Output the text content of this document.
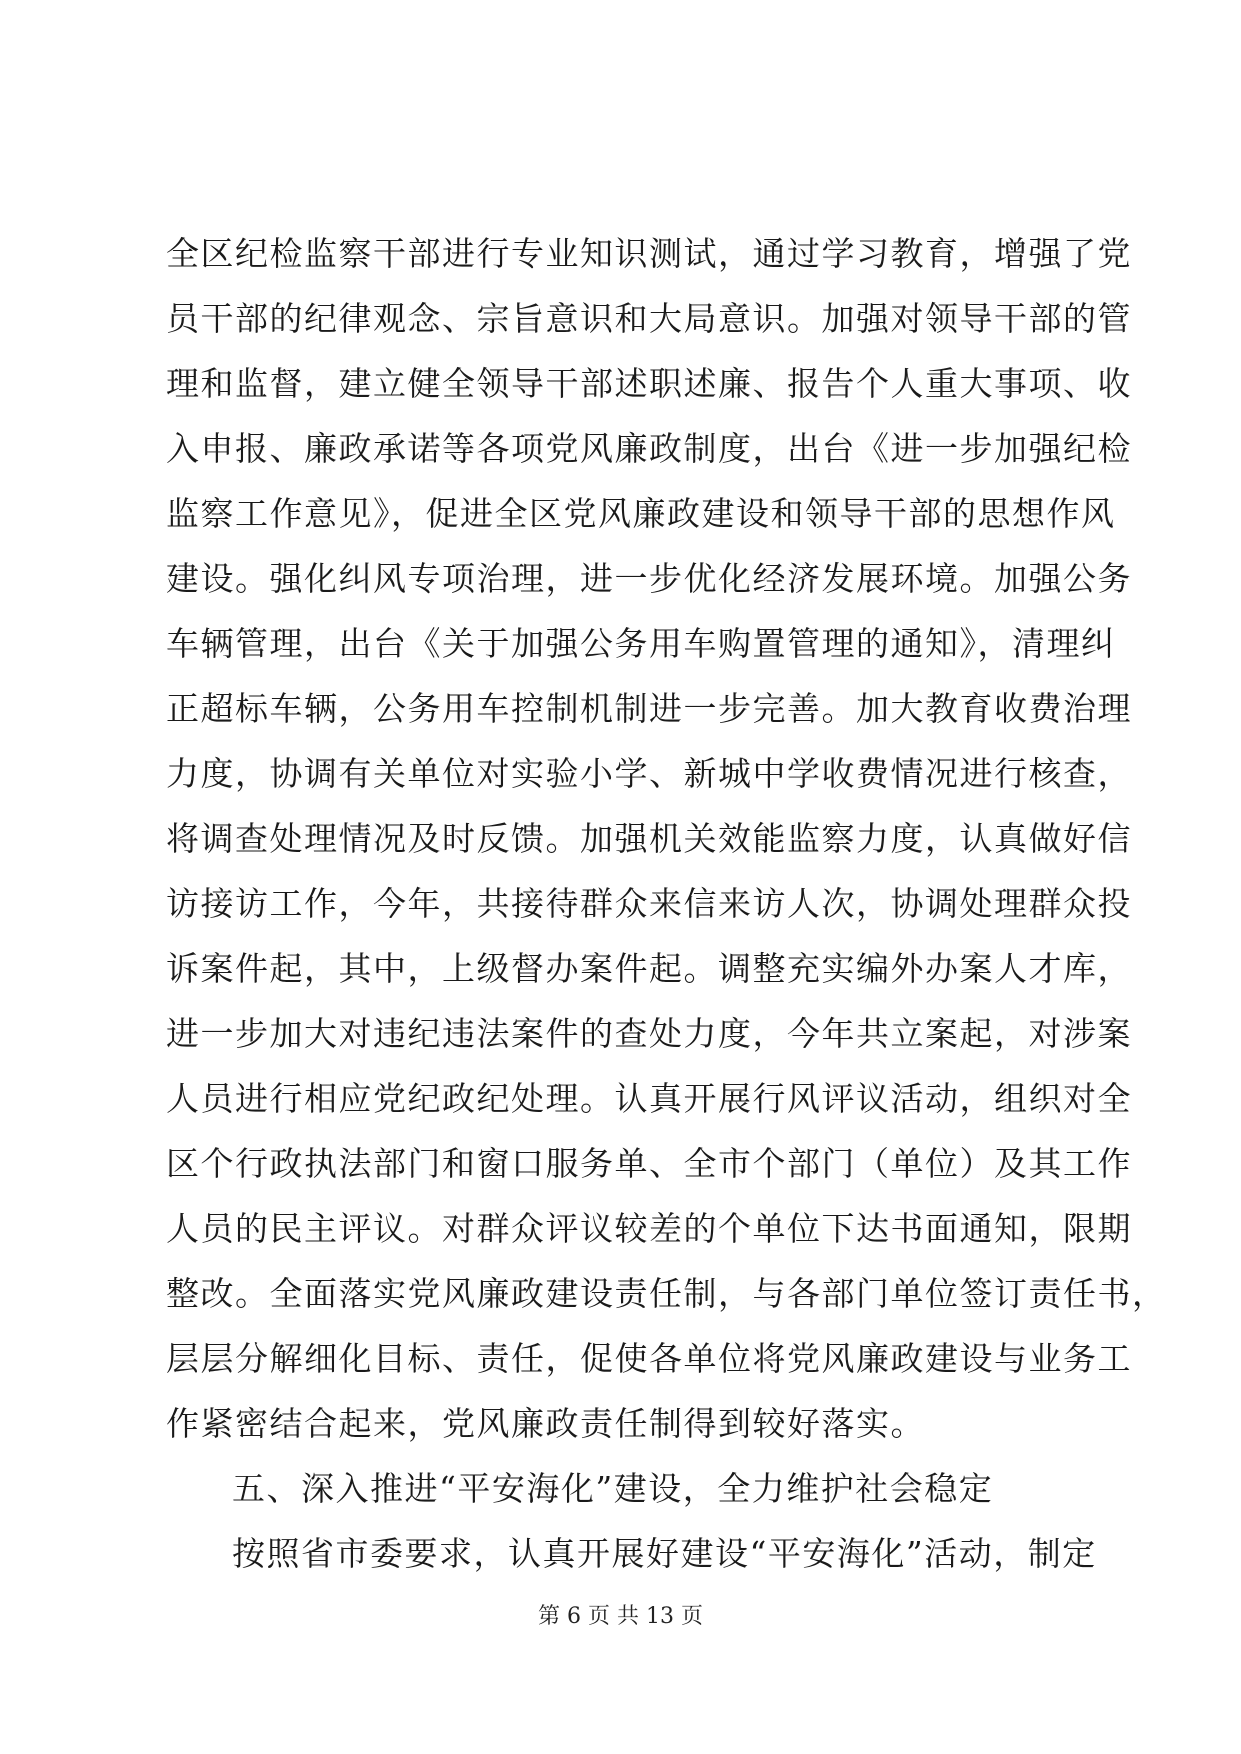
全区纪检监察干部进行专业知识测试，通过学习教育，增强了党
员干部的纪律观念、宗旨意识和大局意识。加强对领导干部的管
理和监督，建立健全领导干部述职述廉、报告个人重大事项、收
入申报、廉政承诺等各项党风廉政制度，出台《进一步加强纪检
监察工作意见》，促进全区党风廉政建设和领导干部的思想作风
建设。强化纠风专项治理，进一步优化经济发展环境。加强公务
车辆管理，出台《关于加强公务用车购置管理的通知》，清理纠
正超标车辆，公务用车控制机制进一步完善。加大教育收费治理
力度，协调有关单位对实验小学、新城中学收费情况进行核查，
将调查处理情况及时反馈。加强机关效能监察力度，认真做好信
访接访工作，今年，共接待群众来信来访人次，协调处理群众投
诉案件起，其中，上级督办案件起。调整充实编外办案人才库，
进一步加大对违纪违法案件的查处力度，今年共立案起，对涉案
人员进行相应党纪政纪处理。认真开展行风评议活动，组织对全
区个行政执法部门和窗口服务单、全市个部门（单位）及其工作
人员的民主评议。对群众评议较差的个单位下达书面通知，限期
整改。全面落实党风廉政建设责任制，与各部门单位签订责任书，
层层分解细化目标、责任，促使各单位将党风廉政建设与业务工
作紧密结合起来，党风廉政责任制得到较好落实。
五、深入推进“平安海化”建设，全力维护社会稳定
按照省市委要求，认真开展好建设“平安海化”活动，制定
第 6 页 共 13 页
